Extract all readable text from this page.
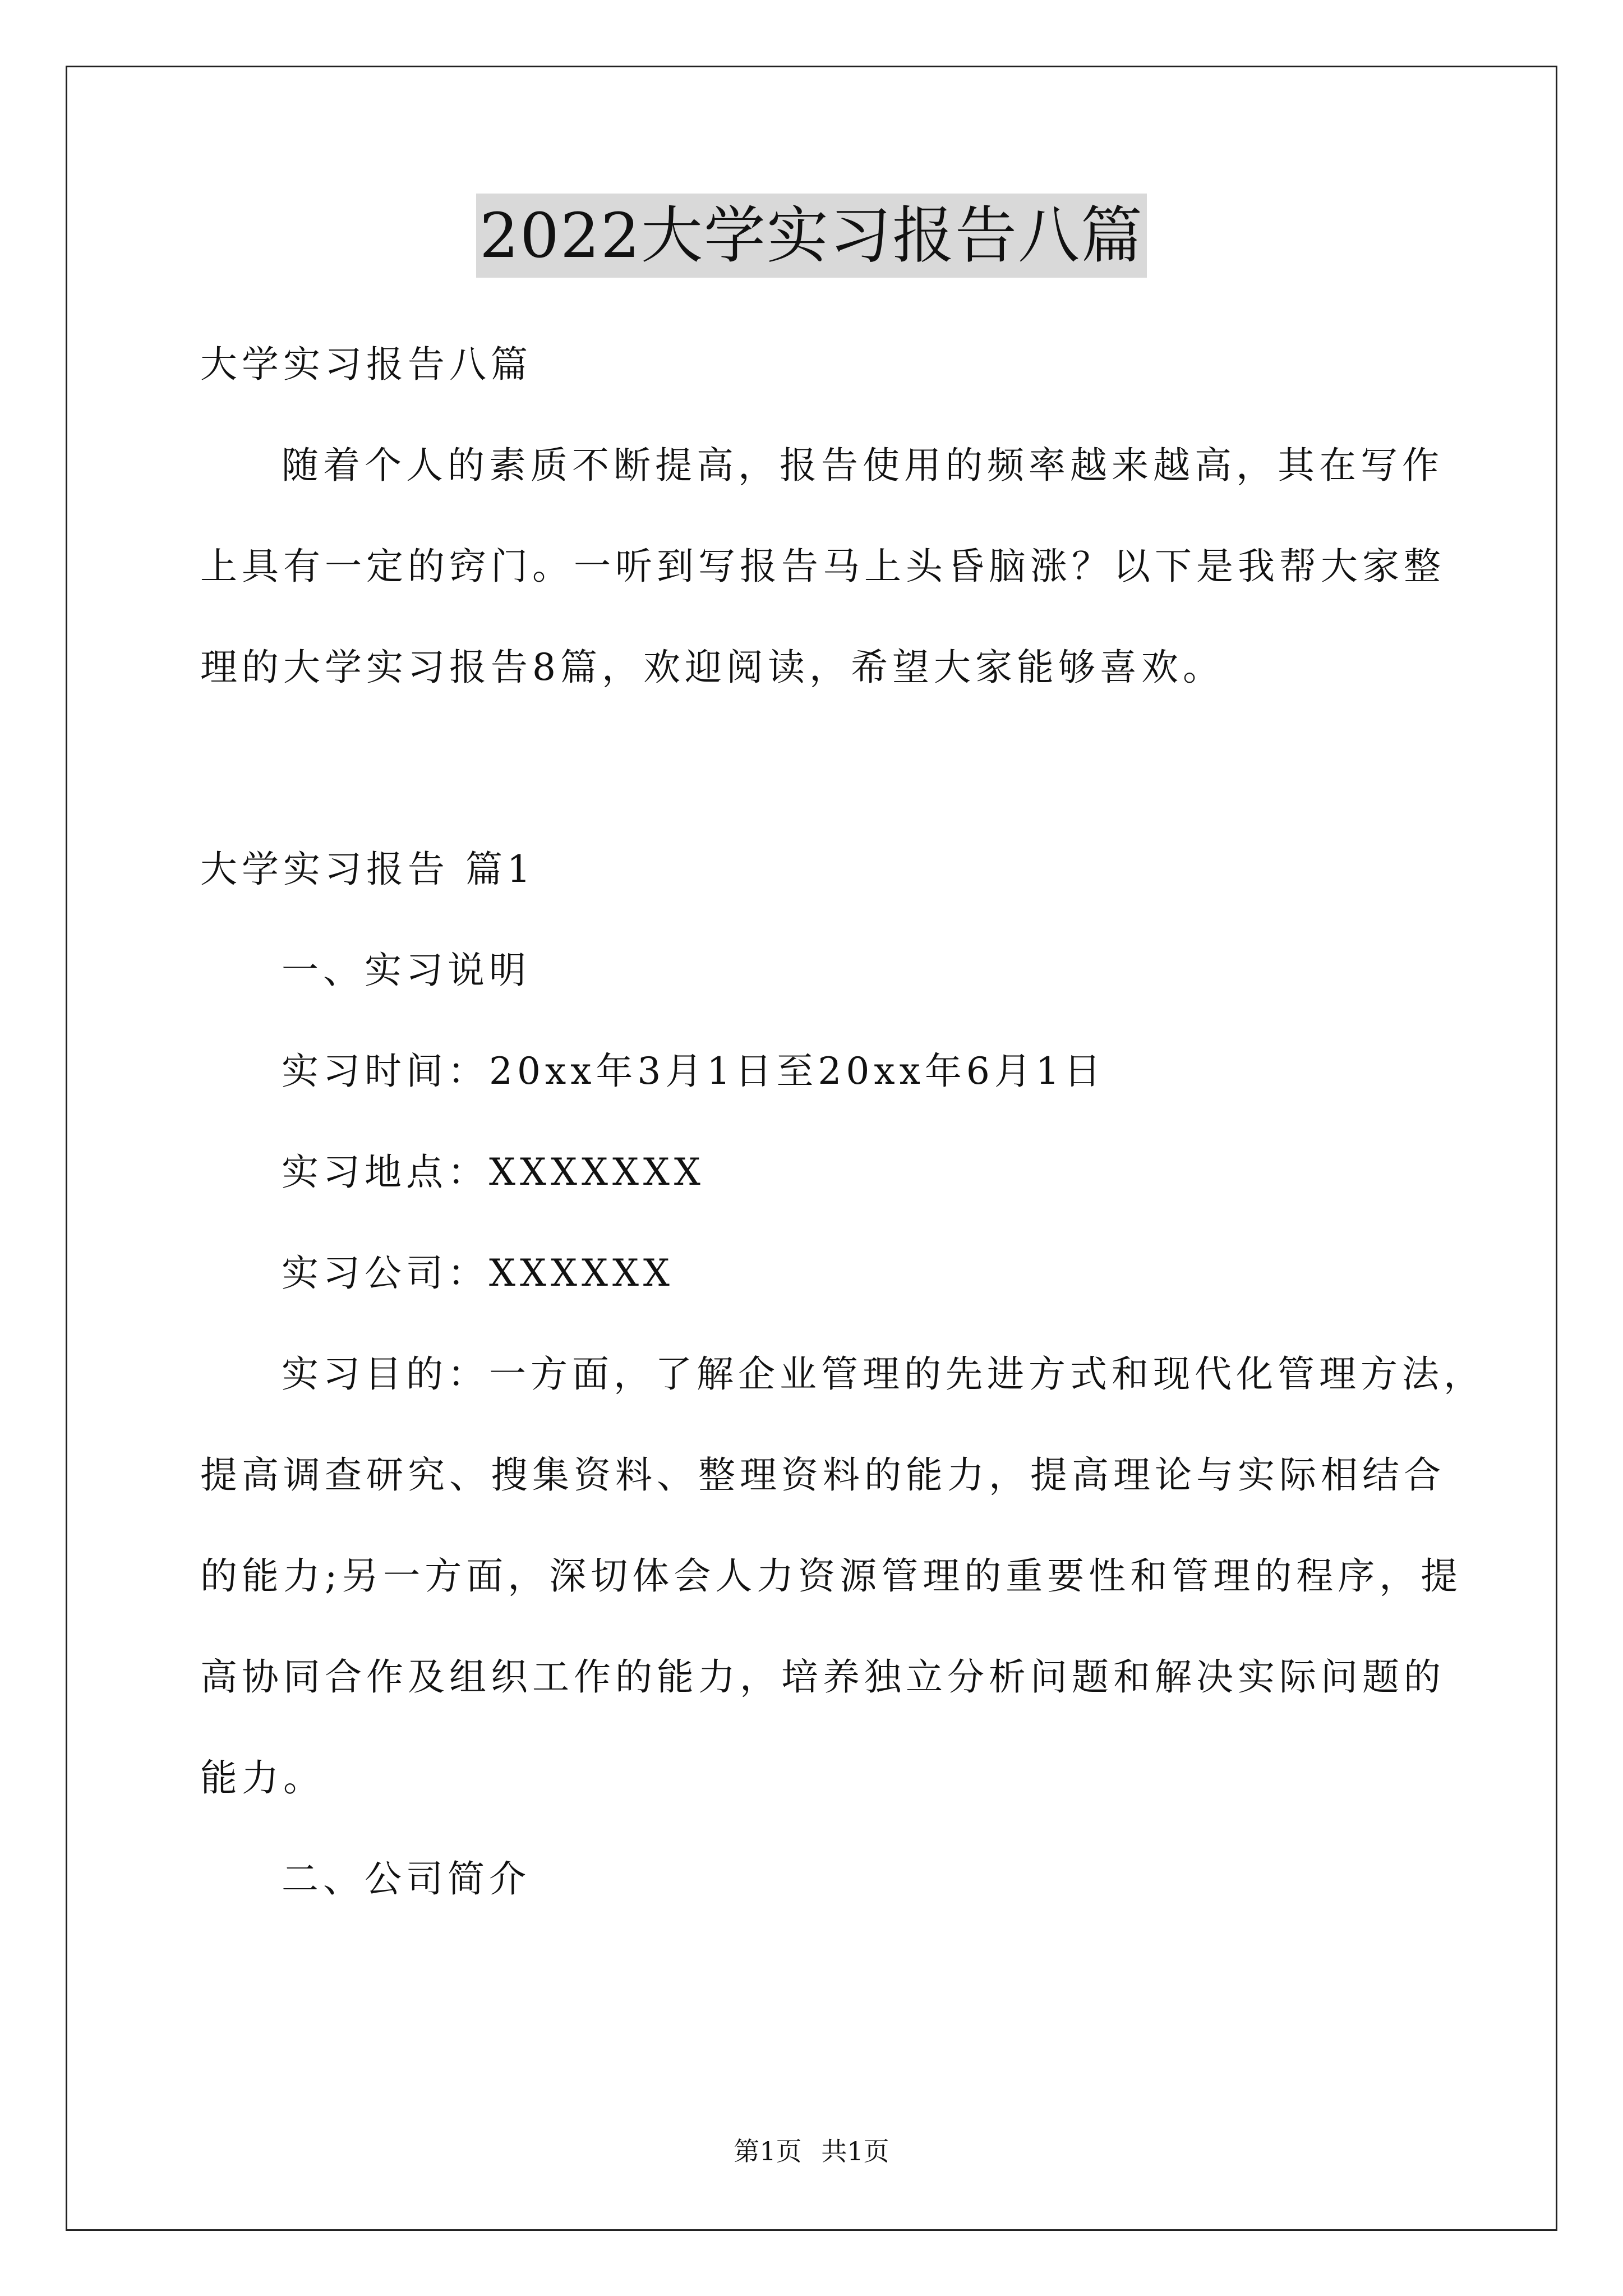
2022大学实习报告八篇
大学实习报告八篇
随着个人的素质不断提高，报告使用的频率越来越高，其在写作
上具有一定的窍门。一听到写报告马上头昏脑涨？以下是我帮大家整
理的大学实习报告8篇，欢迎阅读，希望大家能够喜欢。
大学实习报告 篇1
一、实习说明
实习时间：20xx年3月1日至20xx年6月1日
实习地点：XXXXXXX
实习公司：XXXXXX
实习目的：一方面，了解企业管理的先进方式和现代化管理方法，
提高调查研究、搜集资料、整理资料的能力，提高理论与实际相结合
的能力;另一方面，深切体会人力资源管理的重要性和管理的程序，提
高协同合作及组织工作的能力，培养独立分析问题和解决实际问题的
能力。
二、公司简介
第1页 共1页
